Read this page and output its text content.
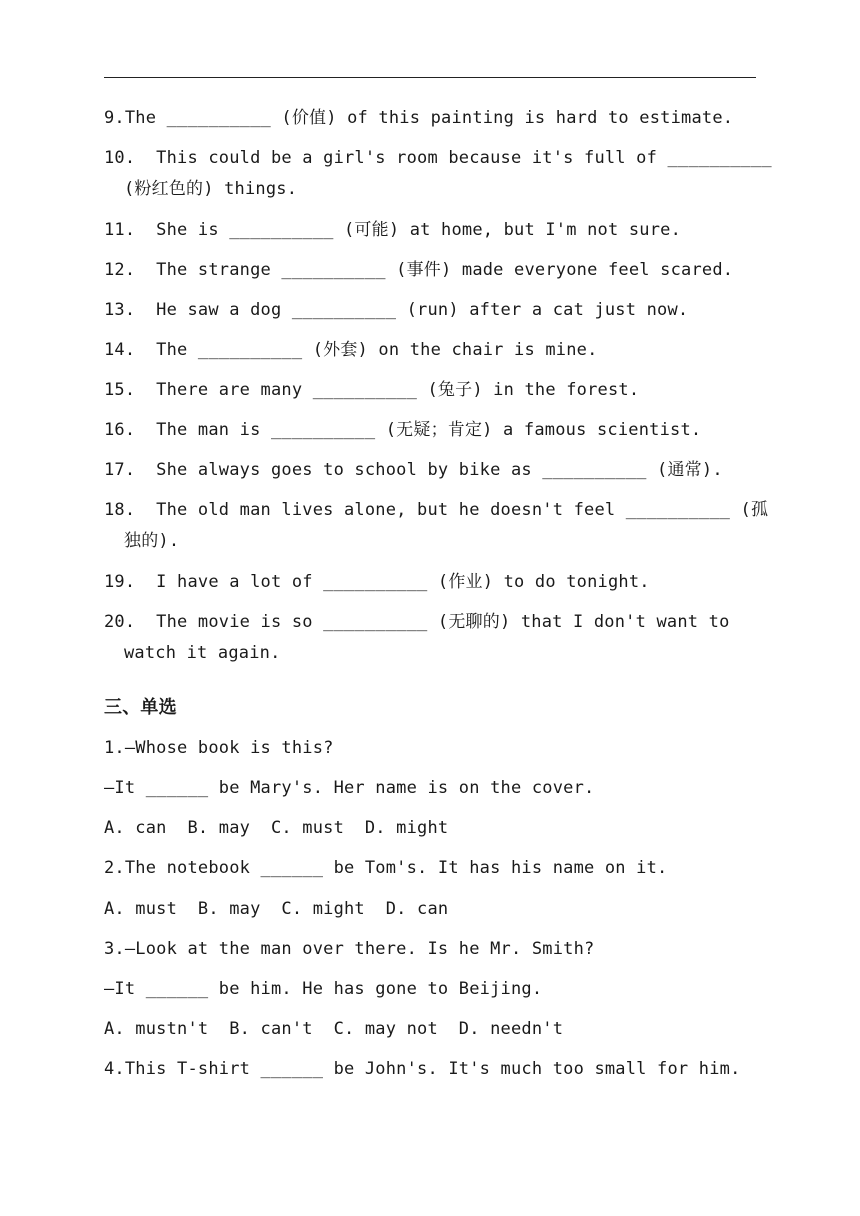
9.The __________ (价值) of this painting is hard to estimate.
10.  This could be a girl's room because it's full of __________
(粉红色的) things.
11.  She is __________ (可能) at home, but I'm not sure.
12.  The strange __________ (事件) made everyone feel scared.
13.  He saw a dog __________ (run) after a cat just now.
14.  The __________ (外套) on the chair is mine.
15.  There are many __________ (兔子) in the forest.
16.  The man is __________ (无疑；肯定) a famous scientist.
17.  She always goes to school by bike as __________ (通常).
18.  The old man lives alone, but he doesn't feel __________ (孤
独的).
19.  I have a lot of __________ (作业) to do tonight.
20.  The movie is so __________ (无聊的) that I don't want to
watch it again.
三、单选
1.—Whose book is this?
—It ______ be Mary's. Her name is on the cover.
A. can  B. may  C. must  D. might
2.The notebook ______ be Tom's. It has his name on it.
A. must  B. may  C. might  D. can
3.—Look at the man over there. Is he Mr. Smith?
—It ______ be him. He has gone to Beijing.
A. mustn't  B. can't  C. may not  D. needn't
4.This T-shirt ______ be John's. It's much too small for him.
